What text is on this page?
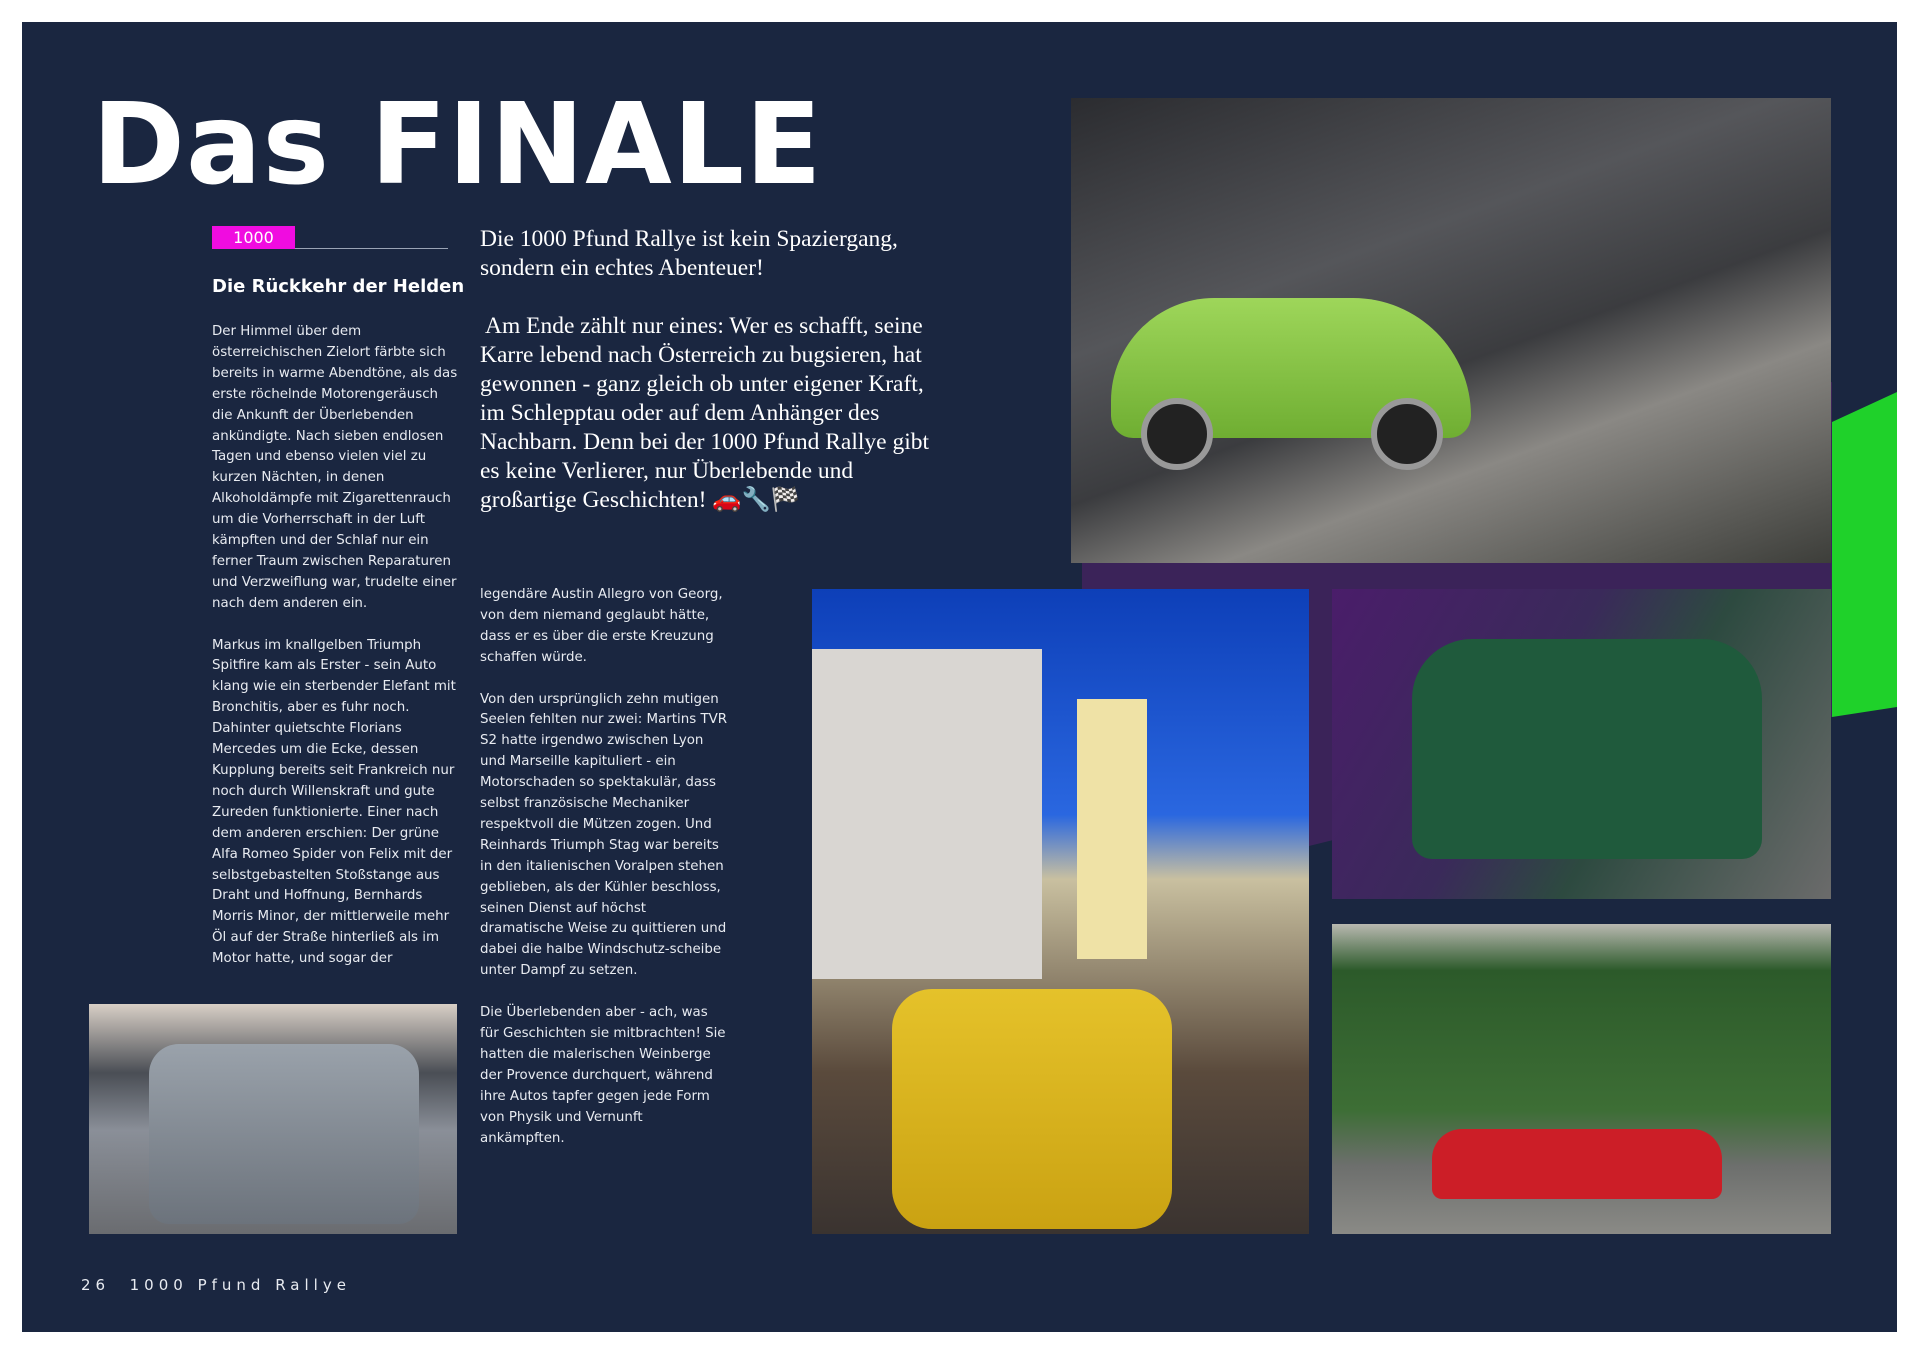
Das FINALE
1000
Die Rückkehr der Helden

Der Himmel über dem österreichischen Zielort färbte sich bereits in warme Abendtöne, als das erste röchelnde Motorengeräusch die Ankunft der Überlebenden ankündigte. Nach sieben endlosen Tagen und ebenso vielen viel zu kurzen Nächten, in denen Alkoholdämpfe mit Zigarettenrauch um die Vorherrschaft in der Luft kämpften und der Schlaf nur ein ferner Traum zwischen Reparaturen und Verzweiflung war, trudelte einer nach dem anderen ein.

Markus im knallgelben Triumph Spitfire kam als Erster - sein Auto klang wie ein sterbender Elefant mit Bronchitis, aber es fuhr noch. Dahinter quietschte Florians Mercedes um die Ecke, dessen Kupplung bereits seit Frankreich nur noch durch Willenskraft und gute Zureden funktionierte. Einer nach dem anderen erschien: Der grüne Alfa Romeo Spider von Felix mit der selbstgebastelten Stoßstange aus Draht und Hoffnung, Bernhards Morris Minor, der mittlerweile mehr Öl auf der Straße hinterließ als im Motor hatte, und sogar der

Die 1000 Pfund Rallye ist kein Spaziergang, sondern ein echtes Abenteuer!

Am Ende zählt nur eines: Wer es schafft, seine Karre lebend nach Österreich zu bugsieren, hat gewonnen - ganz gleich ob unter eigener Kraft, im Schlepptau oder auf dem Anhänger des Nachbarn. Denn bei der 1000 Pfund Rallye gibt es keine Verlierer, nur Überlebende und großartige Geschichten! 🚗🔧🏁

legendäre Austin Allegro von Georg, von dem niemand geglaubt hätte, dass er es über die erste Kreuzung schaffen würde.

Von den ursprünglich zehn mutigen Seelen fehlten nur zwei: Martins TVR S2 hatte irgendwo zwischen Lyon und Marseille kapituliert - ein Motorschaden so spektakulär, dass selbst französische Mechaniker respektvoll die Mützen zogen. Und Reinhards Triumph Stag war bereits in den italienischen Voralpen stehen geblieben, als der Kühler beschloss, seinen Dienst auf höchst dramatische Weise zu quittieren und dabei die halbe Windschutz-scheibe unter Dampf zu setzen.

Die Überlebenden aber - ach, was für Geschichten sie mitbrachten! Sie hatten die malerischen Weinberge der Provence durchquert, während ihre Autos tapfer gegen jede Form von Physik und Vernunft ankämpften.

26  1000 Pfund Rallye
